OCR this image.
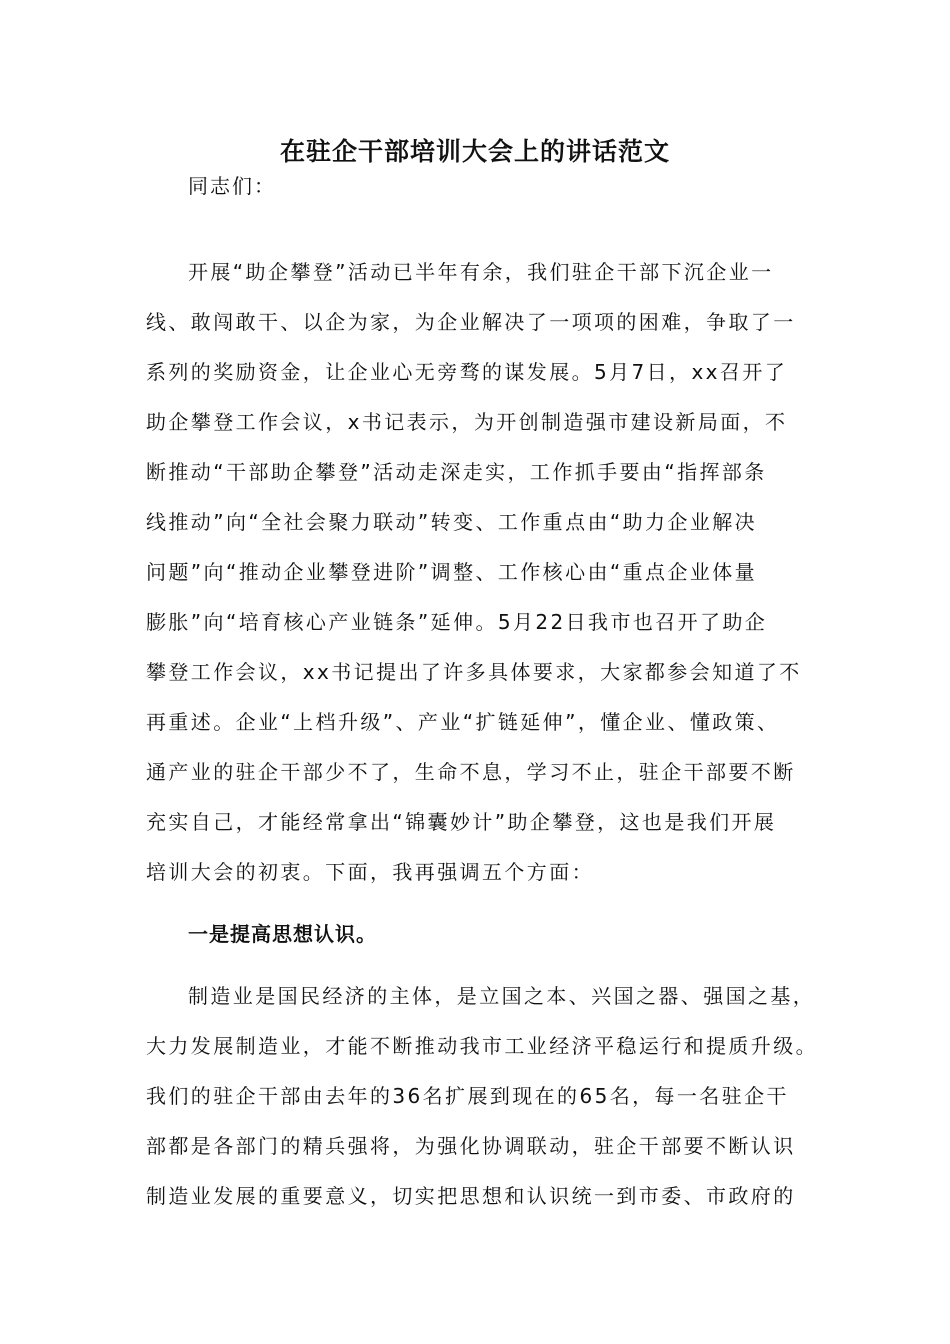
在驻企干部培训大会上的讲话范文

同志们：

开展“助企攀登”活动已半年有余，我们驻企干部下沉企业一
线、敢闯敢干、以企为家，为企业解决了一项项的困难，争取了一
系列的奖励资金，让企业心无旁骛的谋发展。5月7日，xx召开了
助企攀登工作会议，x书记表示，为开创制造强市建设新局面，不
断推动“干部助企攀登”活动走深走实，工作抓手要由“指挥部条
线推动”向“全社会聚力联动”转变、工作重点由“助力企业解决
问题”向“推动企业攀登进阶”调整、工作核心由“重点企业体量
膨胀”向“培育核心产业链条”延伸。5月22日我市也召开了助企
攀登工作会议，xx书记提出了许多具体要求，大家都参会知道了不
再重述。企业“上档升级”、产业“扩链延伸”，懂企业、懂政策、
通产业的驻企干部少不了，生命不息，学习不止，驻企干部要不断
充实自己，才能经常拿出“锦囊妙计”助企攀登，这也是我们开展
培训大会的初衷。下面，我再强调五个方面：

一是提高思想认识。

制造业是国民经济的主体，是立国之本、兴国之器、强国之基，
大力发展制造业，才能不断推动我市工业经济平稳运行和提质升级。
我们的驻企干部由去年的36名扩展到现在的65名，每一名驻企干
部都是各部门的精兵强将，为强化协调联动，驻企干部要不断认识
制造业发展的重要意义，切实把思想和认识统一到市委、市政府的
